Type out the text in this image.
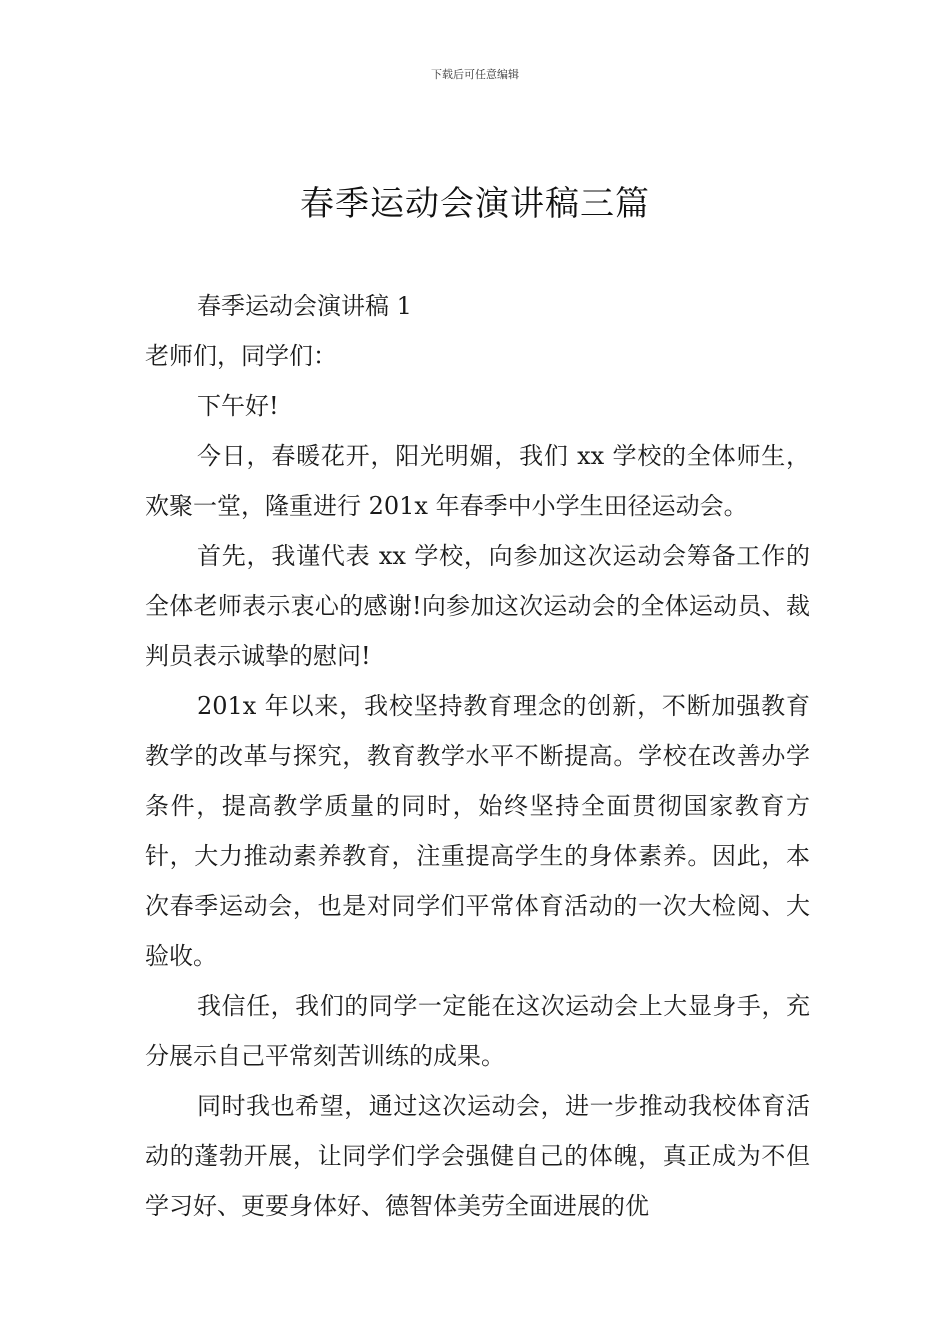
下载后可任意编辑
春季运动会演讲稿三篇

春季运动会演讲稿 1

老师们，同学们：

下午好!

今日，春暖花开，阳光明媚，我们 xx 学校的全体师生，欢聚一堂，隆重进行 201x 年春季中小学生田径运动会。

首先，我谨代表 xx 学校，向参加这次运动会筹备工作的全体老师表示衷心的感谢!向参加这次运动会的全体运动员、裁判员表示诚挚的慰问!

201x 年以来，我校坚持教育理念的创新，不断加强教育教学的改革与探究，教育教学水平不断提高。学校在改善办学条件，提高教学质量的同时，始终坚持全面贯彻国家教育方针，大力推动素养教育，注重提高学生的身体素养。因此，本次春季运动会，也是对同学们平常体育活动的一次大检阅、大验收。

我信任，我们的同学一定能在这次运动会上大显身手，充分展示自己平常刻苦训练的成果。

同时我也希望，通过这次运动会，进一步推动我校体育活动的蓬勃开展，让同学们学会强健自己的体魄，真正成为不但学习好、更要身体好、德智体美劳全面进展的优
